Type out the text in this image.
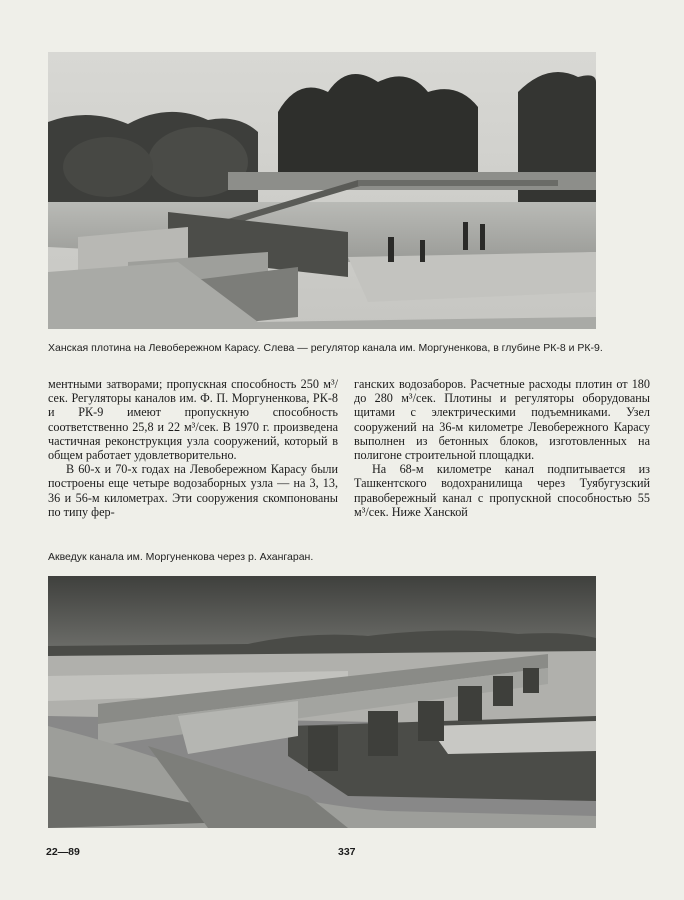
Ханская плотина на Левобережном Карасу. Слева — регулятор канала им. Моргуненкова, в глубине РК-8 и РК-9.

ментными затворами; пропускная способность 250 м³/сек. Регуляторы каналов им. Ф. П. Моргуненкова, РК-8 и РК-9 имеют пропускную способность соответственно 25,8 и 22 м³/сек. В 1970 г. произведена частичная реконструкция узла сооружений, который в общем работает удовлетворительно.

В 60-х и 70-х годах на Левобережном Карасу были построены еще четыре водозаборных узла — на 3, 13, 36 и 56-м километрах. Эти сооружения скомпонованы по типу фер-

ганских водозаборов. Расчетные расходы плотин от 180 до 280 м³/сек. Плотины и регуляторы оборудованы щитами с электрическими подъемниками. Узел сооружений на 36-м километре Левобережного Карасу выполнен из бетонных блоков, изготовленных на полигоне строительной площадки.

На 68-м километре канал подпитывается из Ташкентского водохранилища через Туябугузский правобережный канал с пропускной способностью 55 м³/сек. Ниже Ханской

Акведук канала им. Моргуненкова через р. Ахангаран.
22—89	337
